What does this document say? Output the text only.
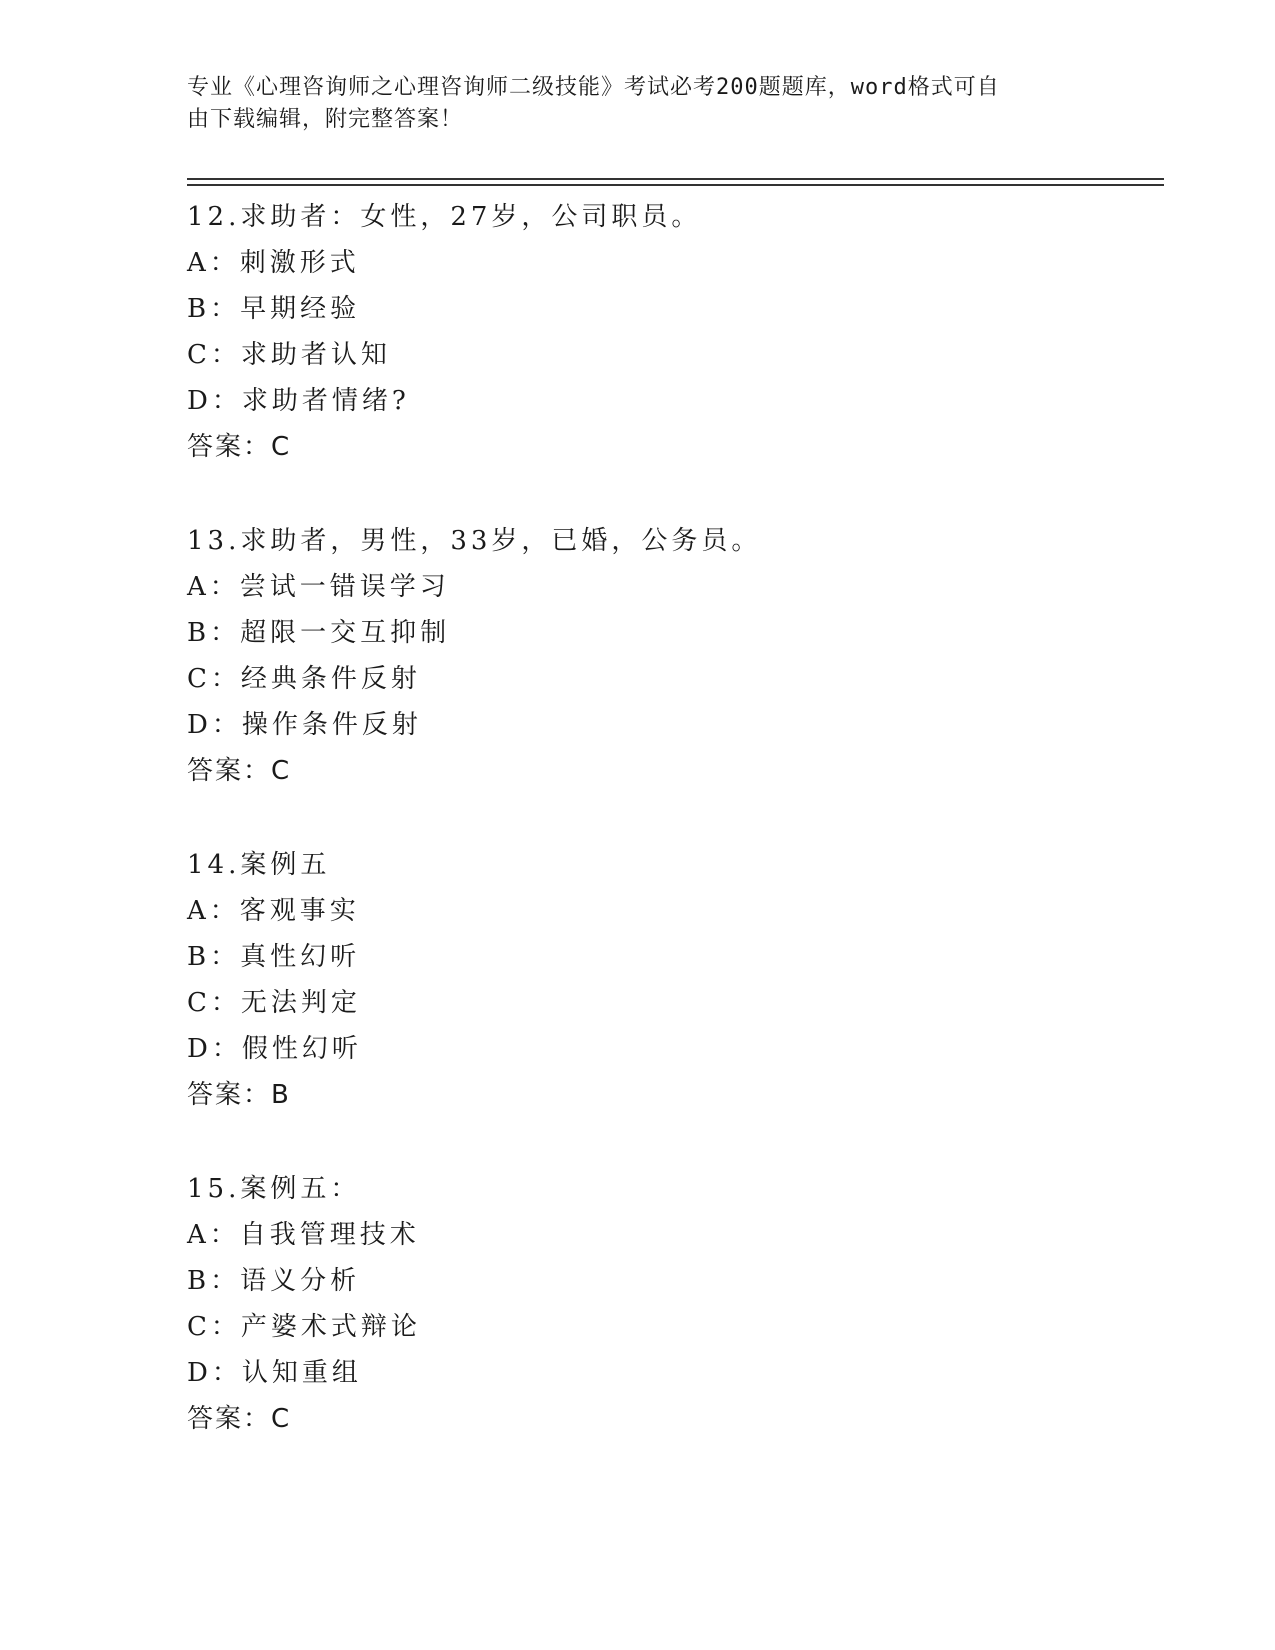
专业《心理咨询师之心理咨询师二级技能》考试必考200题题库，word格式可自
由下载编辑，附完整答案！
12.求助者：女性，27岁，公司职员。
A：刺激形式
B：早期经验
C：求助者认知
D：求助者情绪?
答案：C
13.求助者，男性，33岁，已婚，公务员。
A：尝试一错误学习
B：超限一交互抑制
C：经典条件反射
D：操作条件反射
答案：C
14.案例五
A：客观事实
B：真性幻听
C：无法判定
D：假性幻听
答案：B
15.案例五：
A：自我管理技术
B：语义分析
C：产婆术式辩论
D：认知重组
答案：C
